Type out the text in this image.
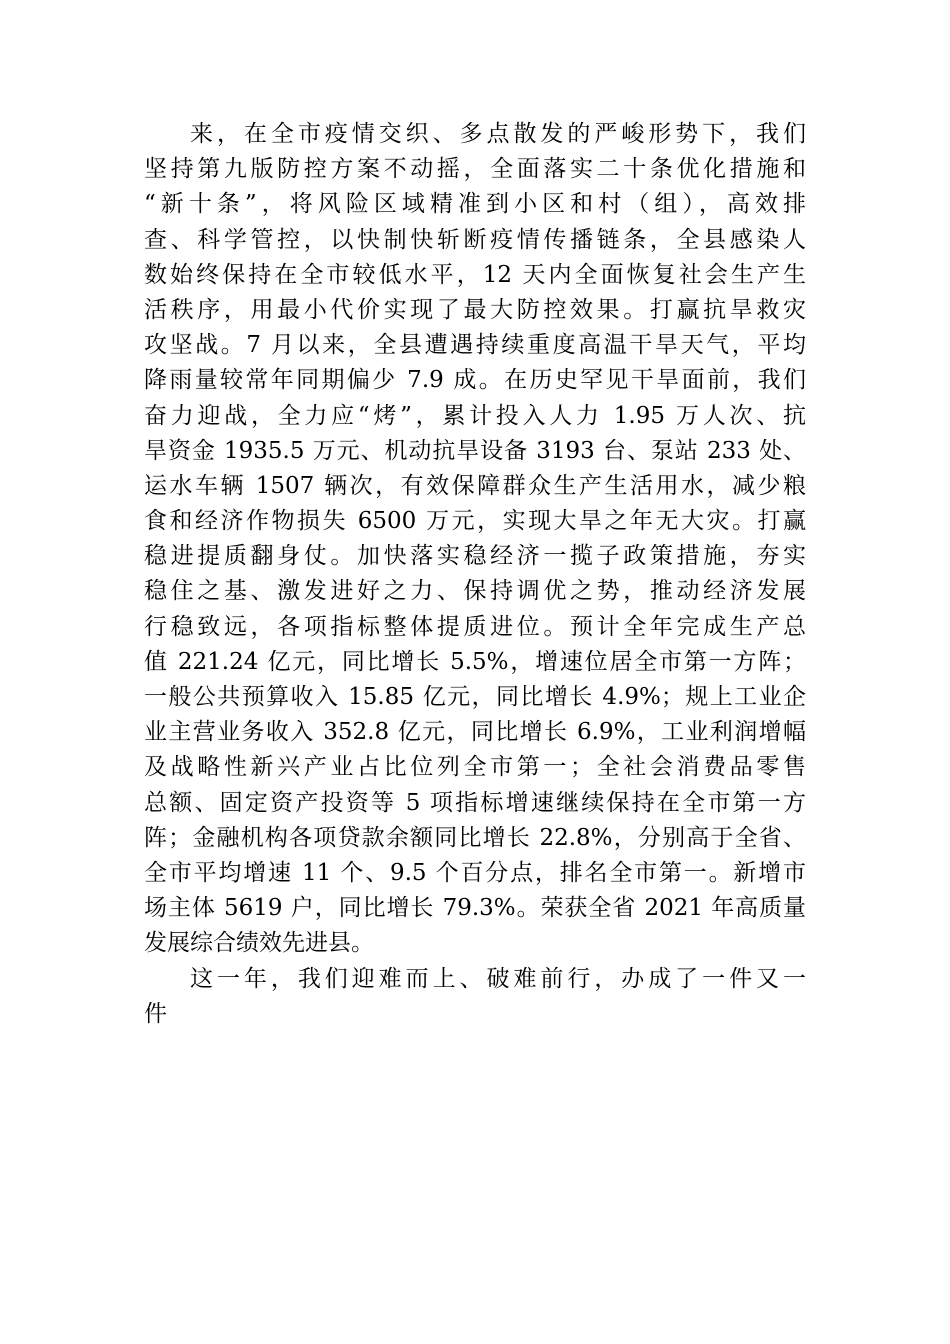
来，在全市疫情交织、多点散发的严峻形势下，我们
坚持第九版防控方案不动摇，全面落实二十条优化措施和
“新十条”，将风险区域精准到小区和村（组），高效排
查、科学管控，以快制快斩断疫情传播链条，全县感染人
数始终保持在全市较低水平，12 天内全面恢复社会生产生
活秩序，用最小代价实现了最大防控效果。打赢抗旱救灾
攻坚战。7 月以来，全县遭遇持续重度高温干旱天气，平均
降雨量较常年同期偏少 7.9 成。在历史罕见干旱面前，我们
奋力迎战，全力应“烤”，累计投入人力 1.95 万人次、抗
旱资金 1935.5 万元、机动抗旱设备 3193 台、泵站 233 处、
运水车辆 1507 辆次，有效保障群众生产生活用水，减少粮
食和经济作物损失 6500 万元，实现大旱之年无大灾。打赢
稳进提质翻身仗。加快落实稳经济一揽子政策措施，夯实
稳住之基、激发进好之力、保持调优之势，推动经济发展
行稳致远，各项指标整体提质进位。预计全年完成生产总
值 221.24 亿元，同比增长 5.5%，增速位居全市第一方阵；
一般公共预算收入 15.85 亿元，同比增长 4.9%；规上工业企
业主营业务收入 352.8 亿元，同比增长 6.9%，工业利润增幅
及战略性新兴产业占比位列全市第一；全社会消费品零售
总额、固定资产投资等 5 项指标增速继续保持在全市第一方
阵；金融机构各项贷款余额同比增长 22.8%，分别高于全省、
全市平均增速 11 个、9.5 个百分点，排名全市第一。新增市
场主体 5619 户，同比增长 79.3%。荣获全省 2021 年高质量
发展综合绩效先进县。
这一年，我们迎难而上、破难前行，办成了一件又一
件
